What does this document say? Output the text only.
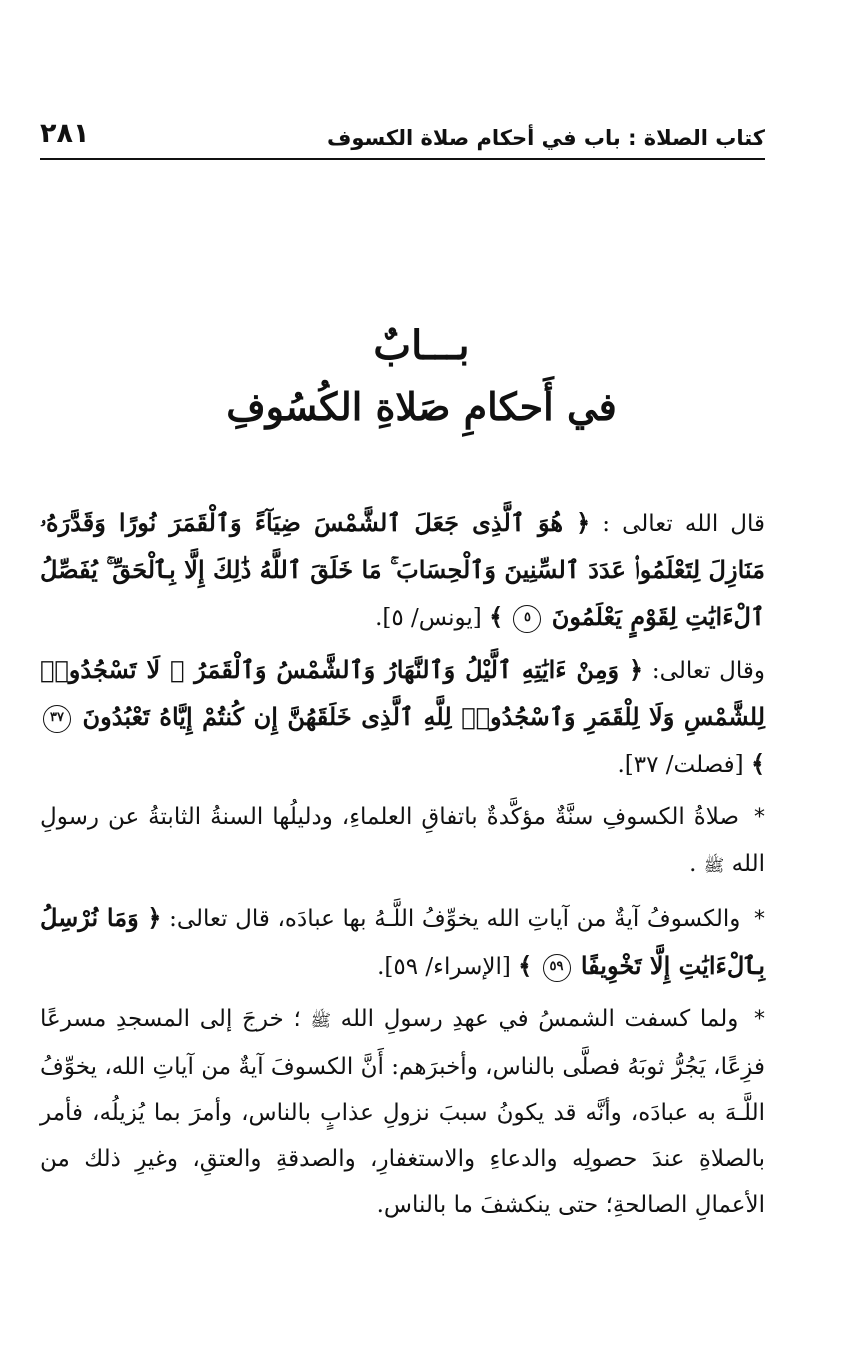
كتاب الصلاة : باب في أحكام صلاة الكسوف
٢٨١
بـــابٌ
في أَحكامِ صَلاةِ الكُسُوفِ

قال الله تعالى : ﴿ هُوَ ٱلَّذِى جَعَلَ ٱلشَّمْسَ ضِيَآءً وَٱلْقَمَرَ نُورًا وَقَدَّرَهُۥ مَنَازِلَ لِتَعْلَمُوا۟ عَدَدَ ٱلسِّنِينَ وَٱلْحِسَابَ ۚ مَا خَلَقَ ٱللَّهُ ذَٰلِكَ إِلَّا بِٱلْحَقِّ ۚ يُفَصِّلُ ٱلْءَايَٰتِ لِقَوْمٍ يَعْلَمُونَ ٥ ﴾ [يونس/ ٥].

وقال تعالى: ﴿ وَمِنْ ءَايَٰتِهِ ٱلَّيْلُ وَٱلنَّهَارُ وَٱلشَّمْسُ وَٱلْقَمَرُ ۚ لَا تَسْجُدُوا۟ لِلشَّمْسِ وَلَا لِلْقَمَرِ وَٱسْجُدُوا۟ لِلَّهِ ٱلَّذِى خَلَقَهُنَّ إِن كُنتُمْ إِيَّاهُ تَعْبُدُونَ ٣٧ ﴾ [فصلت/ ٣٧].

* صلاةُ الكسوفِ سنَّةٌ مؤكَّدةٌ باتفاقِ العلماءِ، ودليلُها السنةُ الثابتةُ عن رسولِ الله ﷺ .

* والكسوفُ آيةٌ من آياتِ الله يخوِّفُ اللَّـهُ بها عبادَه، قال تعالى: ﴿ وَمَا نُرْسِلُ بِٱلْءَايَٰتِ إِلَّا تَخْوِيفًا ٥٩ ﴾ [الإسراء/ ٥٩].

* ولما كسفت الشمسُ في عهدِ رسولِ الله ﷺ ؛ خرجَ إلى المسجدِ مسرعًا فزِعًا، يَجُرُّ ثوبَهُ فصلَّى بالناس، وأخبرَهم: أَنَّ الكسوفَ آيةٌ من آياتِ الله، يخوِّفُ اللَّـهَ به عبادَه، وأنَّه قد يكونُ سببَ نزولِ عذابٍ بالناس، وأمرَ بما يُزيلُه، فأمر بالصلاةِ عندَ حصولِه والدعاءِ والاستغفارِ، والصدقةِ والعتقِ، وغيرِ ذلك من الأعمالِ الصالحةِ؛ حتى ينكشفَ ما بالناس.
